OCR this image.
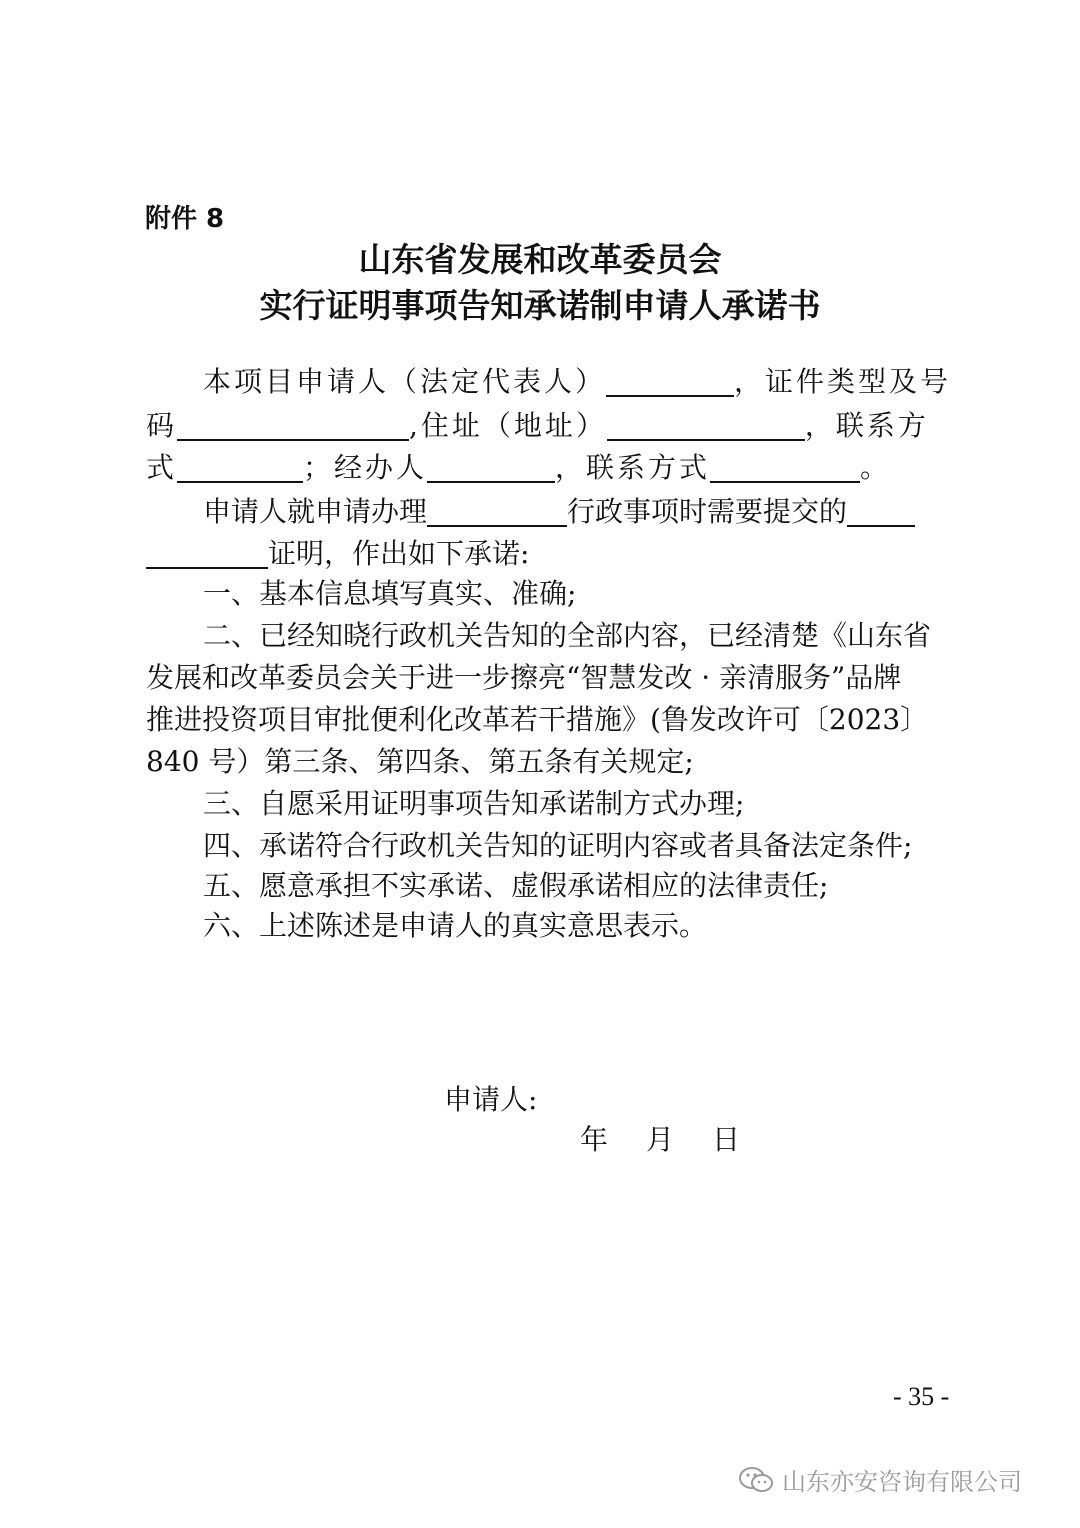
附件 8
山东省发展和改革委员会
实行证明事项告知承诺制申请人承诺书
本项目申请人（法定代表人）	，证件类型及号
码	,住址（地址）	，联系方
式	；经办人	，联系方式	。
申请人就申请办理	行政事项时需要提交的
证明，作出如下承诺:
一、基本信息填写真实、准确;
二、已经知晓行政机关告知的全部内容，已经清楚《山东省
发展和改革委员会关于进一步擦亮“智慧发改 · 亲清服务”品牌
推进投资项目审批便利化改革若干措施》(鲁发改许可〔2023〕
840 号）第三条、第四条、第五条有关规定;
三、自愿采用证明事项告知承诺制方式办理;
四、承诺符合行政机关告知的证明内容或者具备法定条件;
五、愿意承担不实承诺、虚假承诺相应的法律责任;
六、上述陈述是申请人的真实意思表示。
申请人:
年 月 日
- 35 -
山东亦安咨询有限公司
